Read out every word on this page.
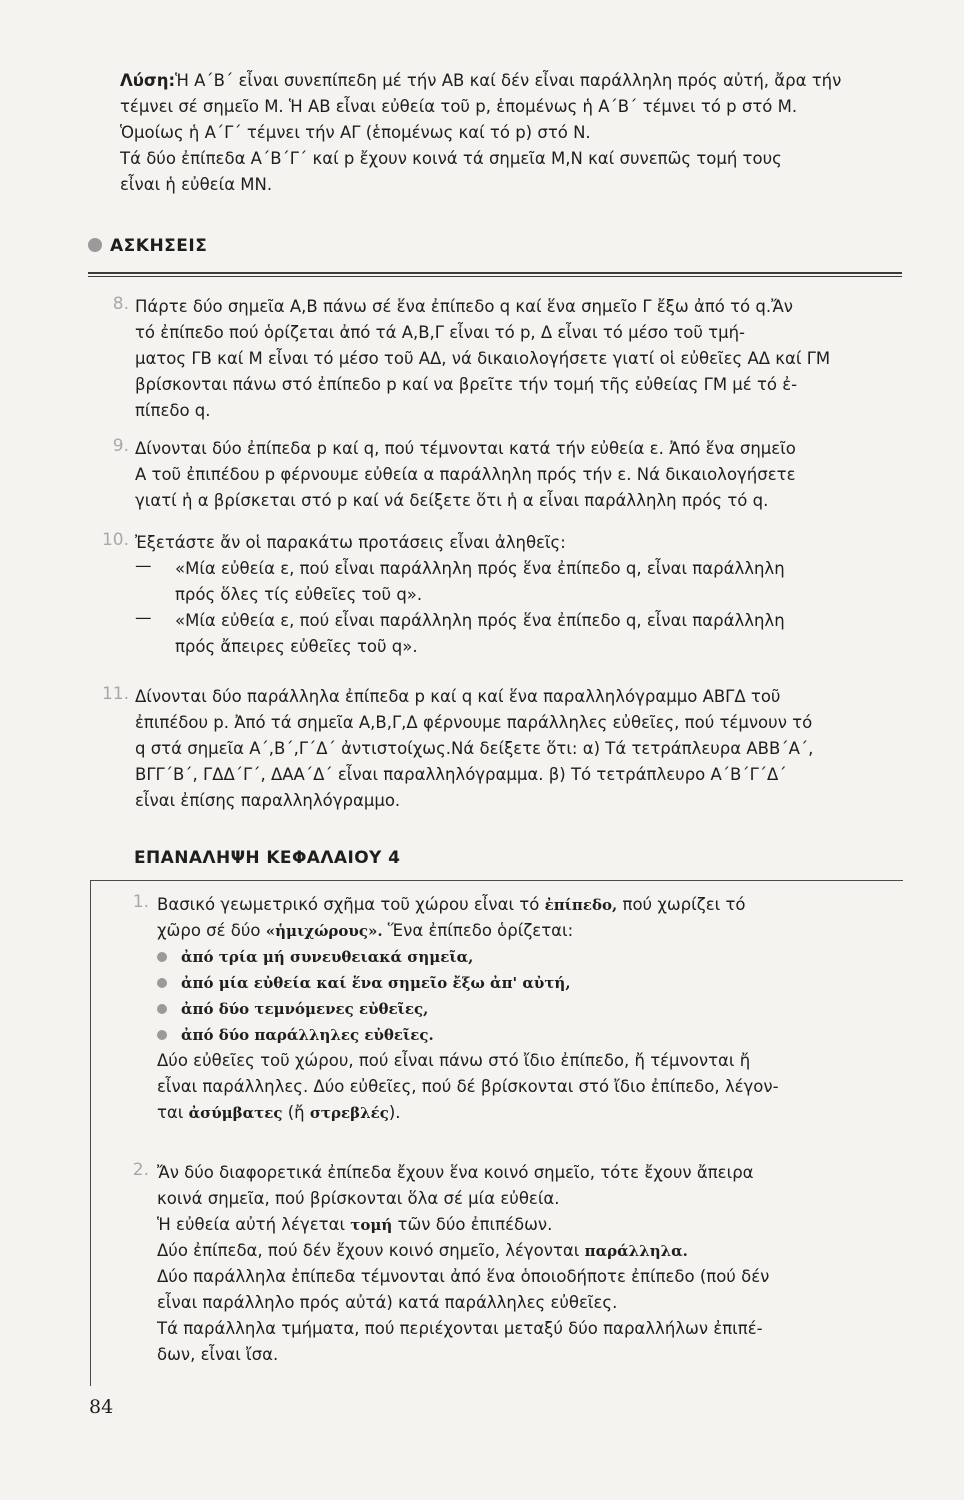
Λύση:Ἡ Α΄Β΄ εἶναι συνεπίπεδη μέ τήν ΑΒ καί δέν εἶναι παράλληλη πρός αὐτή, ἄρα τήν

τέμνει σέ σημεῖο Μ. Ἡ ΑΒ εἶναι εὐθεία τοῦ p, ἑπομένως ἡ Α΄Β΄ τέμνει τό p στό Μ.

Ὁμοίως ἡ Α΄Γ΄ τέμνει τήν ΑΓ (ἑπομένως καί τό p) στό Ν.

Τά δύο ἐπίπεδα Α΄Β΄Γ΄ καί p ἔχουν κοινά τά σημεῖα Μ,Ν καί συνεπῶς τομή τους

εἶναι ἡ εὐθεία ΜΝ.

ΑΣΚΗΣΕΙΣ
8. Πάρτε δύο σημεῖα Α,Β πάνω σέ ἕνα ἐπίπεδο q καί ἕνα σημεῖο Γ ἔξω ἀπό τό q.Ἄν

τό ἐπίπεδο πού ὁρίζεται ἀπό τά Α,Β,Γ εἶναι τό p, Δ εἶναι τό μέσο τοῦ τμή-

ματος ΓΒ καί Μ εἶναι τό μέσο τοῦ ΑΔ, νά δικαιολογήσετε γιατί οἱ εὐθεῖες ΑΔ καί ΓΜ

βρίσκονται πάνω στό ἐπίπεδο p καί να βρεῖτε τήν τομή τῆς εὐθείας ΓΜ μέ τό ἐ-

πίπεδο q.

9. Δίνονται δύο ἐπίπεδα p καί q, πού τέμνονται κατά τήν εὐθεία ε. Ἀπό ἕνα σημεῖο

Α τοῦ ἐπιπέδου p φέρνουμε εὐθεία α παράλληλη πρός τήν ε. Νά δικαιολογήσετε

γιατί ἡ α βρίσκεται στό p καί νά δείξετε ὅτι ἡ α εἶναι παράλληλη πρός τό q.

10. Ἐξετάστε ἄν οἱ παρακάτω προτάσεις εἶναι ἀληθεῖς:

— «Μία εὐθεία ε, πού εἶναι παράλληλη πρός ἕνα ἐπίπεδο q, εἶναι παράλληλη

πρός ὅλες τίς εὐθεῖες τοῦ q».

— «Μία εὐθεία ε, πού εἶναι παράλληλη πρός ἕνα ἐπίπεδο q, εἶναι παράλληλη

πρός ἄπειρες εὐθεῖες τοῦ q».

11. Δίνονται δύο παράλληλα ἐπίπεδα p καί q καί ἕνα παραλληλόγραμμο ΑΒΓΔ τοῦ

ἐπιπέδου p. Ἀπό τά σημεῖα Α,Β,Γ,Δ φέρνουμε παράλληλες εὐθεῖες, πού τέμνουν τό

q στά σημεῖα Α΄,Β΄,Γ΄Δ΄ ἀντιστοίχως.Νά δείξετε ὅτι: α) Τά τετράπλευρα ΑΒΒ΄Α΄,

ΒΓΓ΄Β΄, ΓΔΔ΄Γ΄, ΔΑΑ΄Δ΄ εἶναι παραλληλόγραμμα. β) Τό τετράπλευρο Α΄Β΄Γ΄Δ΄

εἶναι ἐπίσης παραλληλόγραμμο.

ΕΠΑΝΑΛΗΨΗ ΚΕΦΑΛΑΙΟΥ 4
1. Βασικό γεωμετρικό σχῆμα τοῦ χώρου εἶναι τό ἐπίπεδο, πού χωρίζει τό

χῶρο σέ δύο «ἡμιχώρους». Ἕνα ἐπίπεδο ὁρίζεται:

ἀπό τρία μή συνευθειακά σημεῖα,

ἀπό μία εὐθεία καί ἕνα σημεῖο ἔξω ἀπ' αὐτή,

ἀπό δύο τεμνόμενες εὐθεῖες,

ἀπό δύο παράλληλες εὐθεῖες.

Δύο εὐθεῖες τοῦ χώρου, πού εἶναι πάνω στό ἴδιο ἐπίπεδο, ἤ τέμνονται ἤ

εἶναι παράλληλες. Δύο εὐθεῖες, πού δέ βρίσκονται στό ἴδιο ἐπίπεδο, λέγον-

ται ἀσύμβατες (ἤ στρεβλές).

2. Ἄν δύο διαφορετικά ἐπίπεδα ἔχουν ἕνα κοινό σημεῖο, τότε ἔχουν ἄπειρα

κοινά σημεῖα, πού βρίσκονται ὅλα σέ μία εὐθεία.

Ἡ εὐθεία αὐτή λέγεται τομή τῶν δύο ἐπιπέδων.

Δύο ἐπίπεδα, πού δέν ἔχουν κοινό σημεῖο, λέγονται παράλληλα.

Δύο παράλληλα ἐπίπεδα τέμνονται ἀπό ἕνα ὁποιοδήποτε ἐπίπεδο (πού δέν

εἶναι παράλληλο πρός αὐτά) κατά παράλληλες εὐθεῖες.

Τά παράλληλα τμήματα, πού περιέχονται μεταξύ δύο παραλλήλων ἐπιπέ-

δων, εἶναι ἴσα.

84
